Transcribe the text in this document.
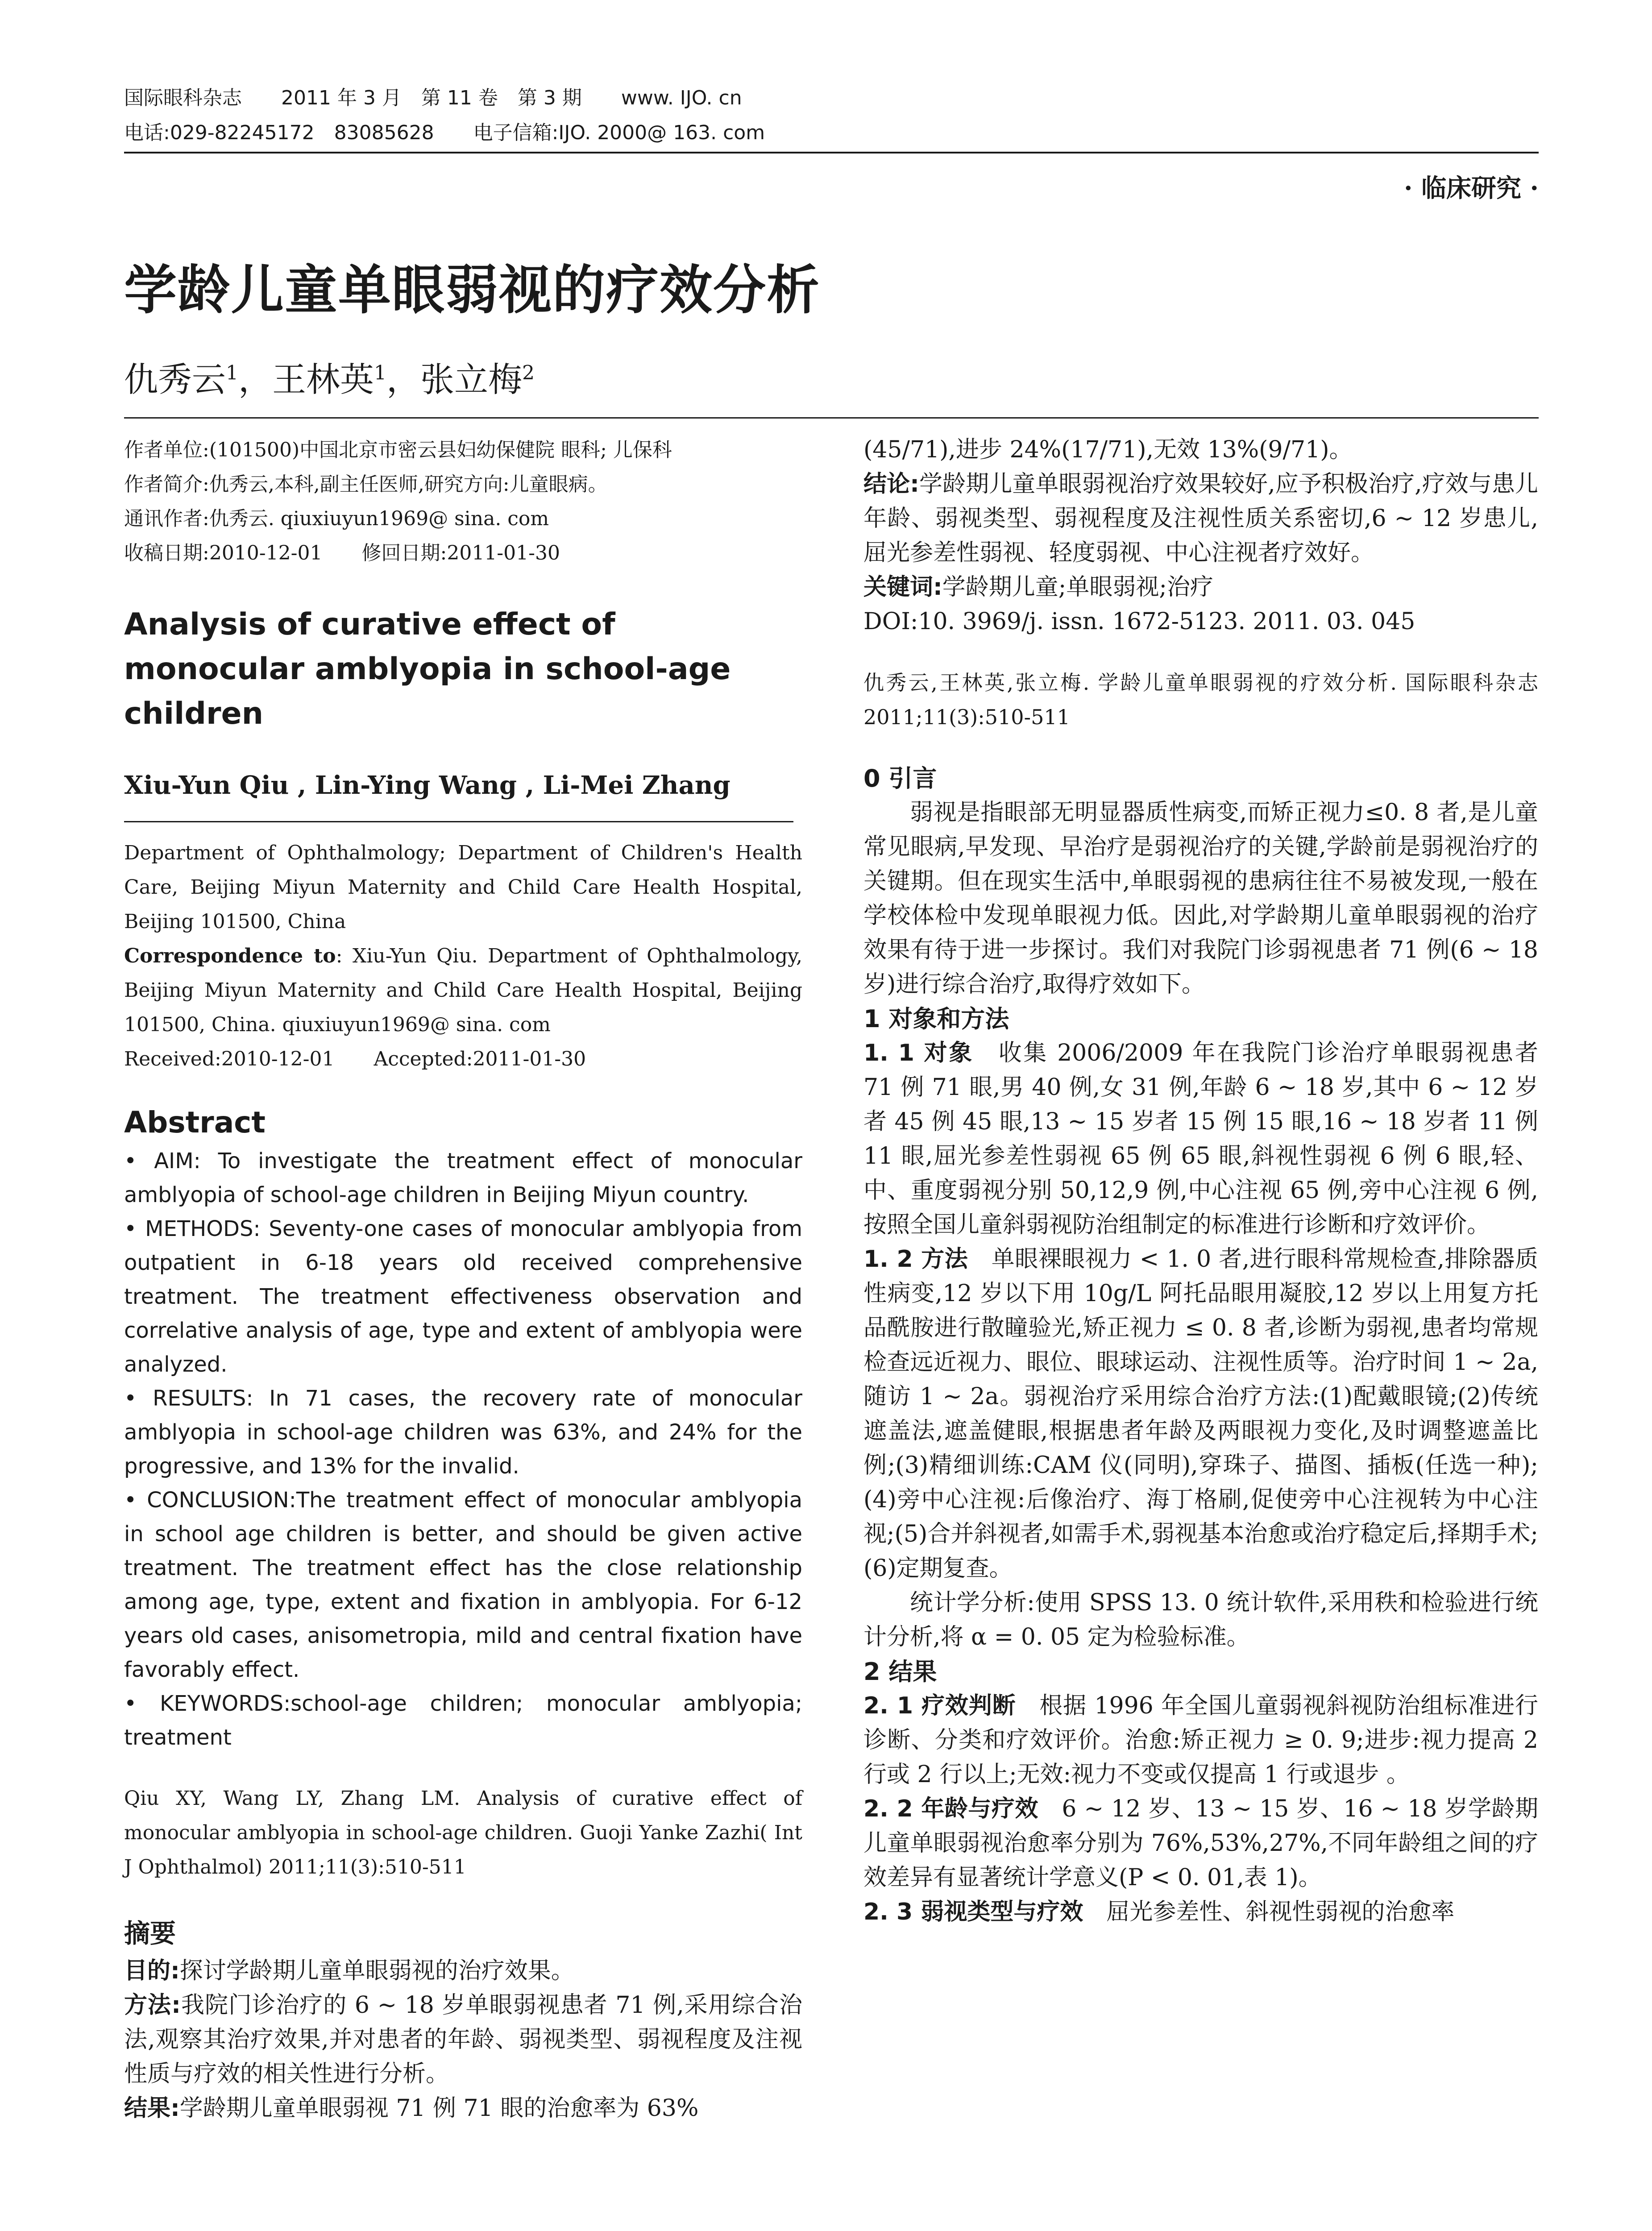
国际眼科杂志　　2011 年 3 月　第 11 卷　第 3 期　　www. IJO. cn
电话:029-82245172　83085628　　电子信箱:IJO. 2000@ 163. com
· 临床研究 ·
学龄儿童单眼弱视的疗效分析
仇秀云$^1$，王林英$^1$，张立梅$^2$

作者单位:(101500)中国北京市密云县妇幼保健院 眼科; 儿保科

作者简介:仇秀云,本科,副主任医师,研究方向:儿童眼病。

通讯作者:仇秀云. qiuxiuyun1969@ sina. com

收稿日期:2010-12-01　　修回日期:2011-01-30

Analysis of curative effect of monocular amblyopia in school-age children
Xiu-Yun Qiu , Lin-Ying Wang , Li-Mei Zhang

Department of Ophthalmology; Department of Children's Health Care, Beijing Miyun Maternity and Child Care Health Hospital, Beijing 101500, China

Correspondence to: Xiu-Yun Qiu. Department of Ophthalmology, Beijing Miyun Maternity and Child Care Health Hospital, Beijing 101500, China. qiuxiuyun1969@ sina. com

Received:2010-12-01　　Accepted:2011-01-30

Abstract

• AIM: To investigate the treatment effect of monocular amblyopia of school-age children in Beijing Miyun country.

• METHODS: Seventy-one cases of monocular amblyopia from outpatient in 6-18 years old received comprehensive treatment. The treatment effectiveness observation and correlative analysis of age, type and extent of amblyopia were analyzed.

• RESULTS: In 71 cases, the recovery rate of monocular amblyopia in school-age children was 63%, and 24% for the progressive, and 13% for the invalid.

• CONCLUSION:The treatment effect of monocular amblyopia in school age children is better, and should be given active treatment. The treatment effect has the close relationship among age, type, extent and fixation in amblyopia. For 6-12 years old cases, anisometropia, mild and central fixation have favorably effect.

• KEYWORDS:school-age children; monocular amblyopia; treatment

Qiu XY, Wang LY, Zhang LM. Analysis of curative effect of monocular amblyopia in school-age children. Guoji Yanke Zazhi( Int J Ophthalmol) 2011;11(3):510-511

摘要

目的:探讨学龄期儿童单眼弱视的治疗效果。

方法:我院门诊治疗的 6 ~ 18 岁单眼弱视患者 71 例,采用综合治法,观察其治疗效果,并对患者的年龄、弱视类型、弱视程度及注视性质与疗效的相关性进行分析。

结果:学龄期儿童单眼弱视 71 例 71 眼的治愈率为 63%

(45/71),进步 24%(17/71),无效 13%(9/71)。

结论:学龄期儿童单眼弱视治疗效果较好,应予积极治疗,疗效与患儿年龄、弱视类型、弱视程度及注视性质关系密切,6 ~ 12 岁患儿,屈光参差性弱视、轻度弱视、中心注视者疗效好。

关键词:学龄期儿童;单眼弱视;治疗

DOI:10. 3969/j. issn. 1672-5123. 2011. 03. 045

仇秀云,王林英,张立梅. 学龄儿童单眼弱视的疗效分析. 国际眼科杂志 2011;11(3):510-511

0 引言

弱视是指眼部无明显器质性病变,而矫正视力≤0. 8 者,是儿童常见眼病,早发现、早治疗是弱视治疗的关键,学龄前是弱视治疗的关键期。但在现实生活中,单眼弱视的患病往往不易被发现,一般在学校体检中发现单眼视力低。因此,对学龄期儿童单眼弱视的治疗效果有待于进一步探讨。我们对我院门诊弱视患者 71 例(6 ~ 18 岁)进行综合治疗,取得疗效如下。

1 对象和方法

1. 1 对象　 收集 2006/2009 年在我院门诊治疗单眼弱视患者 71 例 71 眼,男 40 例,女 31 例,年龄 6 ~ 18 岁,其中 6 ~ 12 岁者 45 例 45 眼,13 ~ 15 岁者 15 例 15 眼,16 ~ 18 岁者 11 例 11 眼,屈光参差性弱视 65 例 65 眼,斜视性弱视 6 例 6 眼,轻、中、重度弱视分别 50,12,9 例,中心注视 65 例,旁中心注视 6 例,按照全国儿童斜弱视防治组制定的标准进行诊断和疗效评价。

1. 2 方法　 单眼裸眼视力 < 1. 0 者,进行眼科常规检查,排除器质性病变,12 岁以下用 10g/L 阿托品眼用凝胶,12 岁以上用复方托品酰胺进行散瞳验光,矫正视力 ≤ 0. 8 者,诊断为弱视,患者均常规检查远近视力、眼位、眼球运动、注视性质等。治疗时间 1 ~ 2a,随访 1 ~ 2a。弱视治疗采用综合治疗方法:(1)配戴眼镜;(2)传统遮盖法,遮盖健眼,根据患者年龄及两眼视力变化,及时调整遮盖比例;(3)精细训练:CAM 仪(同明),穿珠子、描图、插板(任选一种);(4)旁中心注视:后像治疗、海丁格刷,促使旁中心注视转为中心注视;(5)合并斜视者,如需手术,弱视基本治愈或治疗稳定后,择期手术;(6)定期复查。

统计学分析:使用 SPSS 13. 0 统计软件,采用秩和检验进行统计分析,将 α = 0. 05 定为检验标准。

2 结果

2. 1 疗效判断　 根据 1996 年全国儿童弱视斜视防治组标准进行诊断、分类和疗效评价。治愈:矫正视力 ≥ 0. 9;进步:视力提高 2 行或 2 行以上;无效:视力不变或仅提高 1 行或退步 。

2. 2 年龄与疗效　 6 ~ 12 岁、13 ~ 15 岁、16 ~ 18 岁学龄期儿童单眼弱视治愈率分别为 76%,53%,27%,不同年龄组之间的疗效差异有显著统计学意义(P < 0. 01,表 1)。

2. 3 弱视类型与疗效　 屈光参差性、斜视性弱视的治愈率
